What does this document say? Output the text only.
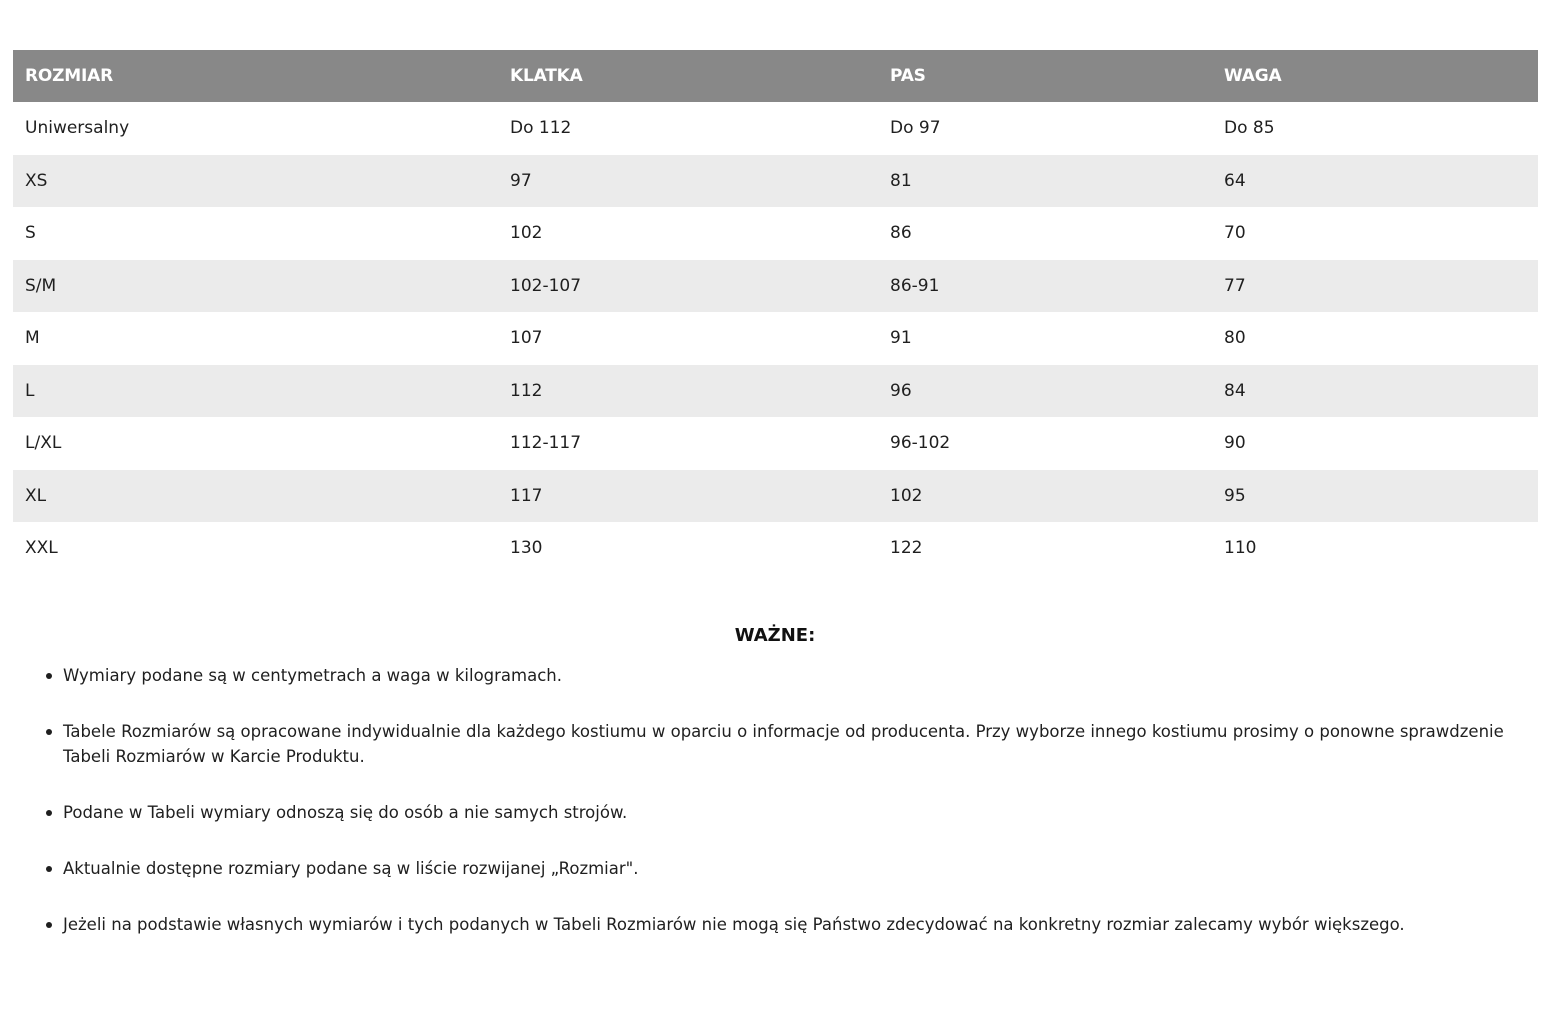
ROZMIAR	KLATKA	PAS	WAGA
Uniwersalny	Do 112	Do 97	Do 85
XS	97	81	64
S	102	86	70
S/M	102-107	86-91	77
M	107	91	80
L	112	96	84
L/XL	112-117	96-102	90
XL	117	102	95
XXL	130	122	110
WAŻNE:
Wymiary podane są w centymetrach a waga w kilogramach.
Tabele Rozmiarów są opracowane indywidualnie dla każdego kostiumu w oparciu o informacje od producenta. Przy wyborze innego kostiumu prosimy o ponowne sprawdzenie Tabeli Rozmiarów w Karcie Produktu.
Podane w Tabeli wymiary odnoszą się do osób a nie samych strojów.
Aktualnie dostępne rozmiary podane są w liście rozwijanej „Rozmiar".
Jeżeli na podstawie własnych wymiarów i tych podanych w Tabeli Rozmiarów nie mogą się Państwo zdecydować na konkretny rozmiar zalecamy wybór większego.
